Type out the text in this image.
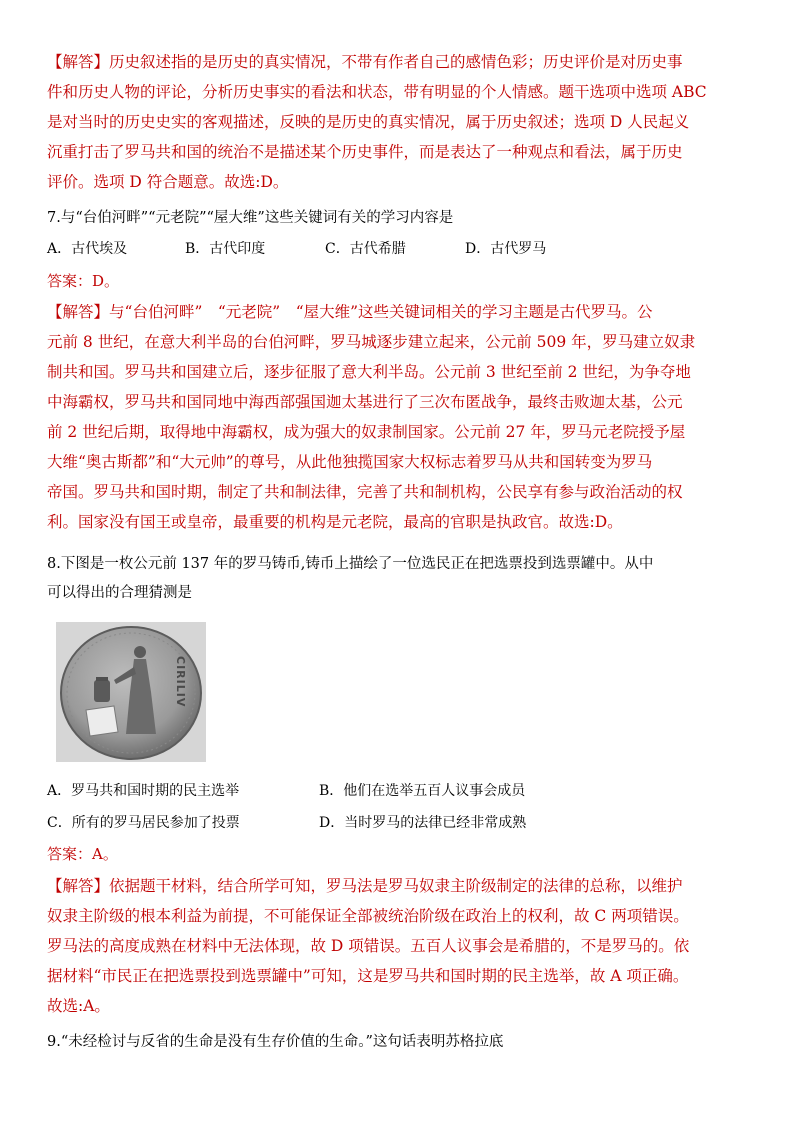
【解答】历史叙述指的是历史的真实情况，不带有作者自己的感情色彩；历史评价是对历史事
件和历史人物的评论，分析历史事实的看法和状态，带有明显的个人情感。题干选项中选项 ABC
是对当时的历史史实的客观描述，反映的是历史的真实情况，属于历史叙述；选项 D 人民起义
沉重打击了罗马共和国的统治不是描述某个历史事件，而是表达了一种观点和看法，属于历史
评价。选项 D 符合题意。故选:D。
7.与“台伯河畔”“元老院”“屋大维”这些关键词有关的学习内容是
A．古代埃及	B．古代印度	C．古代希腊	D．古代罗马
答案：D。
【解答】与“台伯河畔”　“元老院”　“屋大维”这些关键词相关的学习主题是古代罗马。公
元前 8 世纪，在意大利半岛的台伯河畔，罗马城逐步建立起来，公元前 509 年，罗马建立奴隶
制共和国。罗马共和国建立后，逐步征服了意大利半岛。公元前 3 世纪至前 2 世纪，为争夺地
中海霸权，罗马共和国同地中海西部强国迦太基进行了三次布匿战争，最终击败迦太基，公元
前 2 世纪后期，取得地中海霸权，成为强大的奴隶制国家。公元前 27 年，罗马元老院授予屋
大维“奥古斯都”和“大元帅”的尊号，从此他独揽国家大权标志着罗马从共和国转变为罗马
帝国。罗马共和国时期，制定了共和制法律，完善了共和制机构，公民享有参与政治活动的权
利。国家没有国王或皇帝，最重要的机构是元老院，最高的官职是执政官。故选:D。
8.下图是一枚公元前 137 年的罗马铸币,铸币上描绘了一位选民正在把选票投到选票罐中。从中
可以得出的合理猜测是
CIRILIV
A．罗马共和国时期的民主选举	B．他们在选举五百人议事会成员
C．所有的罗马居民参加了投票	D．当时罗马的法律已经非常成熟
答案：A。
【解答】依据题干材料，结合所学可知，罗马法是罗马奴隶主阶级制定的法律的总称，以维护
奴隶主阶级的根本利益为前提，不可能保证全部被统治阶级在政治上的权利，故 C 两项错误。
罗马法的高度成熟在材料中无法体现，故 D 项错误。五百人议事会是希腊的，不是罗马的。依
据材料“市民正在把选票投到选票罐中”可知，这是罗马共和国时期的民主选举，故 A 项正确。
故选:A。
9.“未经检讨与反省的生命是没有生存价值的生命。”这句话表明苏格拉底
